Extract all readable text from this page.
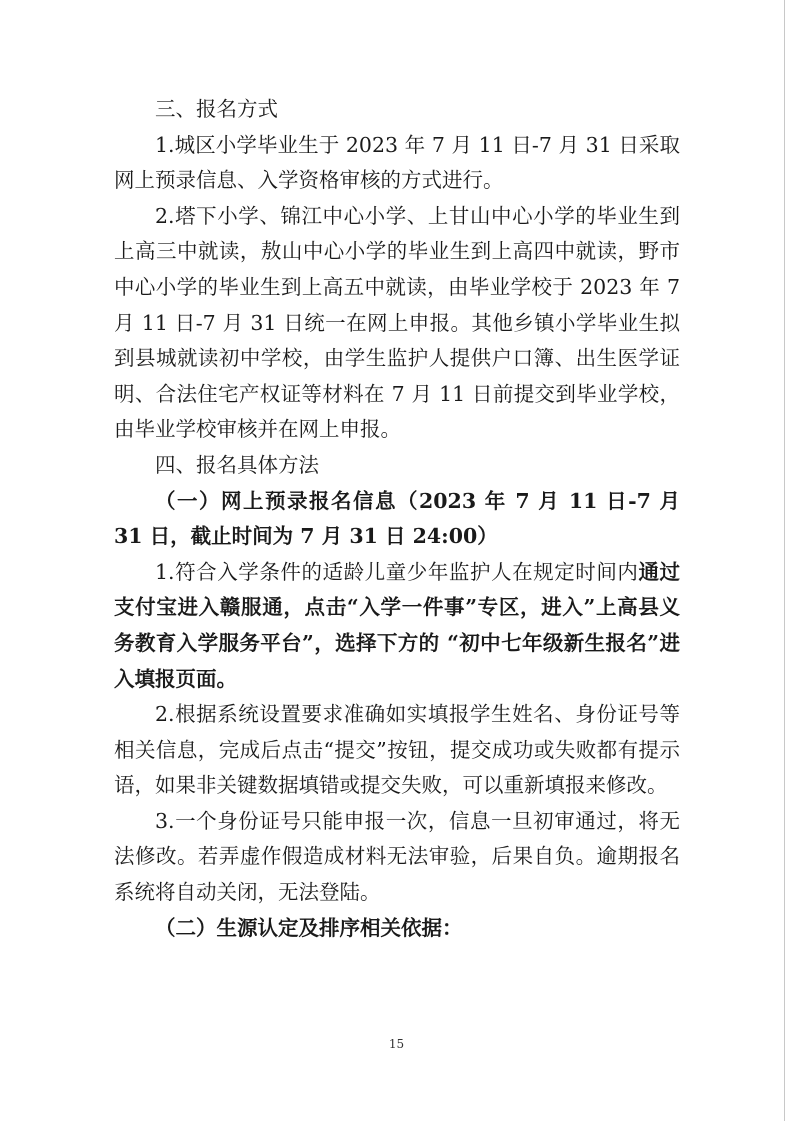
三、报名方式

1.城区小学毕业生于 2023 年 7 月 11 日-7 月 31 日采取网上预录信息、入学资格审核的方式进行。

2.塔下小学、锦江中心小学、上甘山中心小学的毕业生到上高三中就读，敖山中心小学的毕业生到上高四中就读，野市中心小学的毕业生到上高五中就读，由毕业学校于 2023 年 7 月 11 日-7 月 31 日统一在网上申报。其他乡镇小学毕业生拟到县城就读初中学校，由学生监护人提供户口簿、出生医学证明、合法住宅产权证等材料在 7 月 11 日前提交到毕业学校，由毕业学校审核并在网上申报。

四、报名具体方法

（一）网上预录报名信息（2023 年 7 月 11 日-7 月 31 日，截止时间为 7 月 31 日 24:00）

1.符合入学条件的适龄儿童少年监护人在规定时间内通过支付宝进入赣服通，点击“入学一件事”专区，进入”上高县义务教育入学服务平台”，选择下方的 “初中七年级新生报名”进入填报页面。

2.根据系统设置要求准确如实填报学生姓名、身份证号等相关信息，完成后点击“提交”按钮，提交成功或失败都有提示语，如果非关键数据填错或提交失败，可以重新填报来修改。

3.一个身份证号只能申报一次，信息一旦初审通过，将无法修改。若弄虚作假造成材料无法审验，后果自负。逾期报名系统将自动关闭，无法登陆。

（二）生源认定及排序相关依据：

15
